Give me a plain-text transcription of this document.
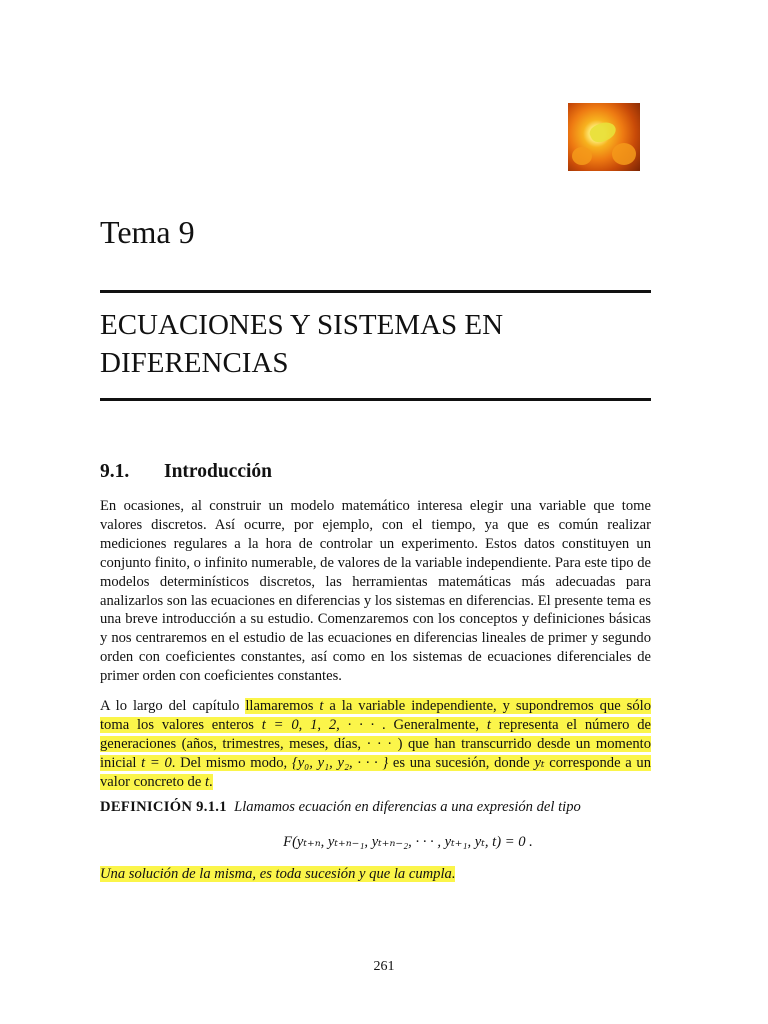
Tema 9
ECUACIONES Y SISTEMAS EN
DIFERENCIAS
9.1. Introducción

En ocasiones, al construir un modelo matemático interesa elegir una variable que tome valores discretos. Así ocurre, por ejemplo, con el tiempo, ya que es común realizar mediciones regulares a la hora de controlar un experimento. Estos datos constituyen un conjunto finito, o infinito numerable, de valores de la variable independiente. Para este tipo de modelos determinísticos discretos, las herramientas matemáticas más adecuadas para analizarlos son las ecuaciones en diferencias y los sistemas en diferencias. El presente tema es una breve introducción a su estudio. Comenzaremos con los conceptos y definiciones básicas y nos centraremos en el estudio de las ecuaciones en diferencias lineales de primer y segundo orden con coeficientes constantes, así como en los sistemas de ecuaciones diferenciales de primer orden con coeficientes constantes.

A lo largo del capítulo llamaremos t a la variable independiente, y supondremos que sólo toma los valores enteros t = 0, 1, 2, · · · . Generalmente, t representa el número de generaciones (años, trimestres, meses, días, · · · ) que han transcurrido desde un momento inicial t = 0. Del mismo modo, {y₀, y₁, y₂, · · · } es una sucesión, donde yₜ corresponde a un valor concreto de t.

DEFINICIÓN 9.1.1 Llamamos ecuación en diferencias a una expresión del tipo

F(yₜ₊ₙ, yₜ₊ₙ₋₁, yₜ₊ₙ₋₂, · · · , yₜ₊₁, yₜ, t) = 0 .

Una solución de la misma, es toda sucesión y que la cumpla.

261
